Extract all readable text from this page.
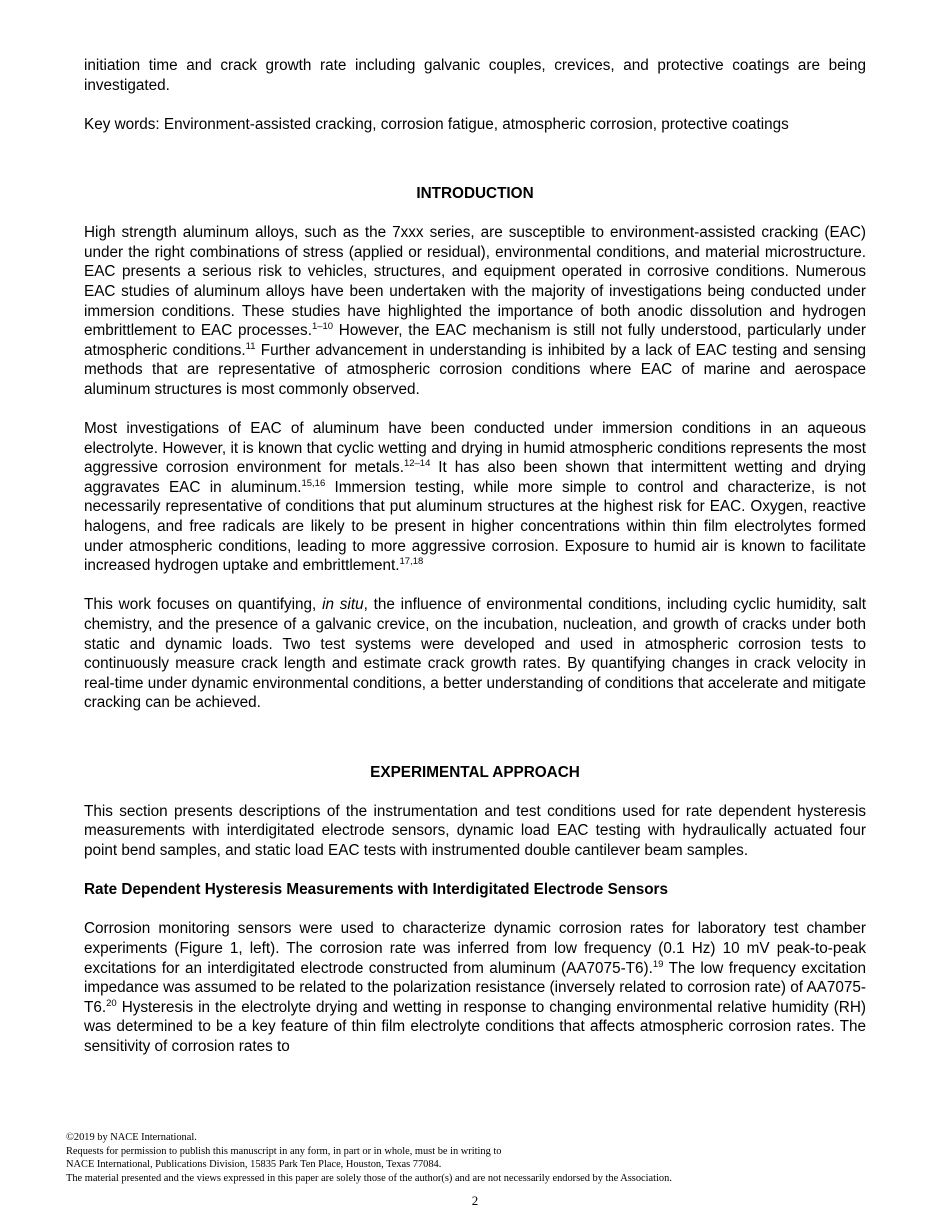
initiation time and crack growth rate including galvanic couples, crevices, and protective coatings are being investigated.

Key words: Environment-assisted cracking, corrosion fatigue, atmospheric corrosion, protective coatings

INTRODUCTION

High strength aluminum alloys, such as the 7xxx series, are susceptible to environment-assisted cracking (EAC) under the right combinations of stress (applied or residual), environmental conditions, and material microstructure. EAC presents a serious risk to vehicles, structures, and equipment operated in corrosive conditions. Numerous EAC studies of aluminum alloys have been undertaken with the majority of investigations being conducted under immersion conditions. These studies have highlighted the importance of both anodic dissolution and hydrogen embrittlement to EAC processes.$^{1-10}$ However, the EAC mechanism is still not fully understood, particularly under atmospheric conditions.$^{11}$ Further advancement in understanding is inhibited by a lack of EAC testing and sensing methods that are representative of atmospheric corrosion conditions where EAC of marine and aerospace aluminum structures is most commonly observed.

Most investigations of EAC of aluminum have been conducted under immersion conditions in an aqueous electrolyte. However, it is known that cyclic wetting and drying in humid atmospheric conditions represents the most aggressive corrosion environment for metals.$^{12-14}$ It has also been shown that intermittent wetting and drying aggravates EAC in aluminum.$^{15,16}$ Immersion testing, while more simple to control and characterize, is not necessarily representative of conditions that put aluminum structures at the highest risk for EAC. Oxygen, reactive halogens, and free radicals are likely to be present in higher concentrations within thin film electrolytes formed under atmospheric conditions, leading to more aggressive corrosion. Exposure to humid air is known to facilitate increased hydrogen uptake and embrittlement.$^{17,18}$

This work focuses on quantifying, in situ, the influence of environmental conditions, including cyclic humidity, salt chemistry, and the presence of a galvanic crevice, on the incubation, nucleation, and growth of cracks under both static and dynamic loads. Two test systems were developed and used in atmospheric corrosion tests to continuously measure crack length and estimate crack growth rates. By quantifying changes in crack velocity in real-time under dynamic environmental conditions, a better understanding of conditions that accelerate and mitigate cracking can be achieved.

EXPERIMENTAL APPROACH

This section presents descriptions of the instrumentation and test conditions used for rate dependent hysteresis measurements with interdigitated electrode sensors, dynamic load EAC testing with hydraulically actuated four point bend samples, and static load EAC tests with instrumented double cantilever beam samples.

Rate Dependent Hysteresis Measurements with Interdigitated Electrode Sensors

Corrosion monitoring sensors were used to characterize dynamic corrosion rates for laboratory test chamber experiments (Figure 1, left). The corrosion rate was inferred from low frequency (0.1 Hz) 10 mV peak-to-peak excitations for an interdigitated electrode constructed from aluminum (AA7075-T6).$^{19}$ The low frequency excitation impedance was assumed to be related to the polarization resistance (inversely related to corrosion rate) of AA7075-T6.20 Hysteresis in the electrolyte drying and wetting in response to changing environmental relative humidity (RH) was determined to be a key feature of thin film electrolyte conditions that affects atmospheric corrosion rates. The sensitivity of corrosion rates to

©2019 by NACE International.
Requests for permission to publish this manuscript in any form, in part or in whole, must be in writing to
NACE International, Publications Division, 15835 Park Ten Place, Houston, Texas 77084.
The material presented and the views expressed in this paper are solely those of the author(s) and are not necessarily endorsed by the Association.
2
